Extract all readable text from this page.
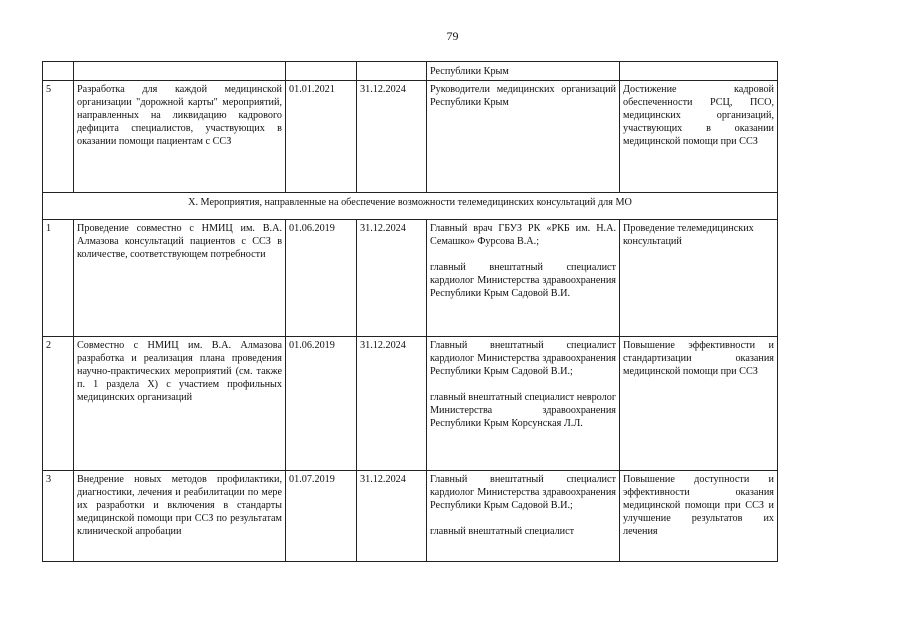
79

				Республики Крым	

5	Разработка для каждой медицинской организации "дорожной карты" мероприятий, направленных на ликвидацию кадрового дефицита специалистов, участвующих в оказании помощи пациентам с ССЗ	01.01.2021	31.12.2024	Руководители медицинских организаций Республики Крым	Достижение кадровой обеспеченности РСЦ, ПСО, медицинских организаций, участвующих в оказании медицинской помощи при ССЗ
X. Мероприятия, направленные на обеспечение возможности телемедицинских консультаций для МО					
1	Проведение совместно с НМИЦ им. В.А. Алмазова консультаций пациентов с ССЗ в количестве, соответствующем потребности	01.06.2019	31.12.2024	Главный врач ГБУЗ РК «РКБ им. Н.А. Семашко» Фурсова В.А.;
главный внештатный специалист кардиолог Министерства здравоохранения Республики Крым Садовой В.И.	Проведение телемедицинских консультаций
2	Совместно с НМИЦ им. В.А. Алмазова разработка и реализация плана проведения научно-практических мероприятий (см. также п. 1 раздела X) с участием профильных медицинских организаций	01.06.2019	31.12.2024	Главный внештатный специалист кардиолог Министерства здравоохранения Республики Крым Садовой В.И.;
главный внештатный специалист невролог Министерства здравоохранения Республики Крым Корсунская Л.Л.	Повышение эффективности и стандартизации оказания медицинской помощи при ССЗ
3	Внедрение новых методов профилактики, диагностики, лечения и реабилитации по мере их разработки и включения в стандарты медицинской помощи при ССЗ по результатам клинической апробации	01.07.2019	31.12.2024	Главный внештатный специалист кардиолог Министерства здравоохранения Республики Крым Садовой В.И.;
главный внештатный специалист	Повышение доступности и эффективности оказания медицинской помощи при ССЗ и улучшение результатов их лечения
